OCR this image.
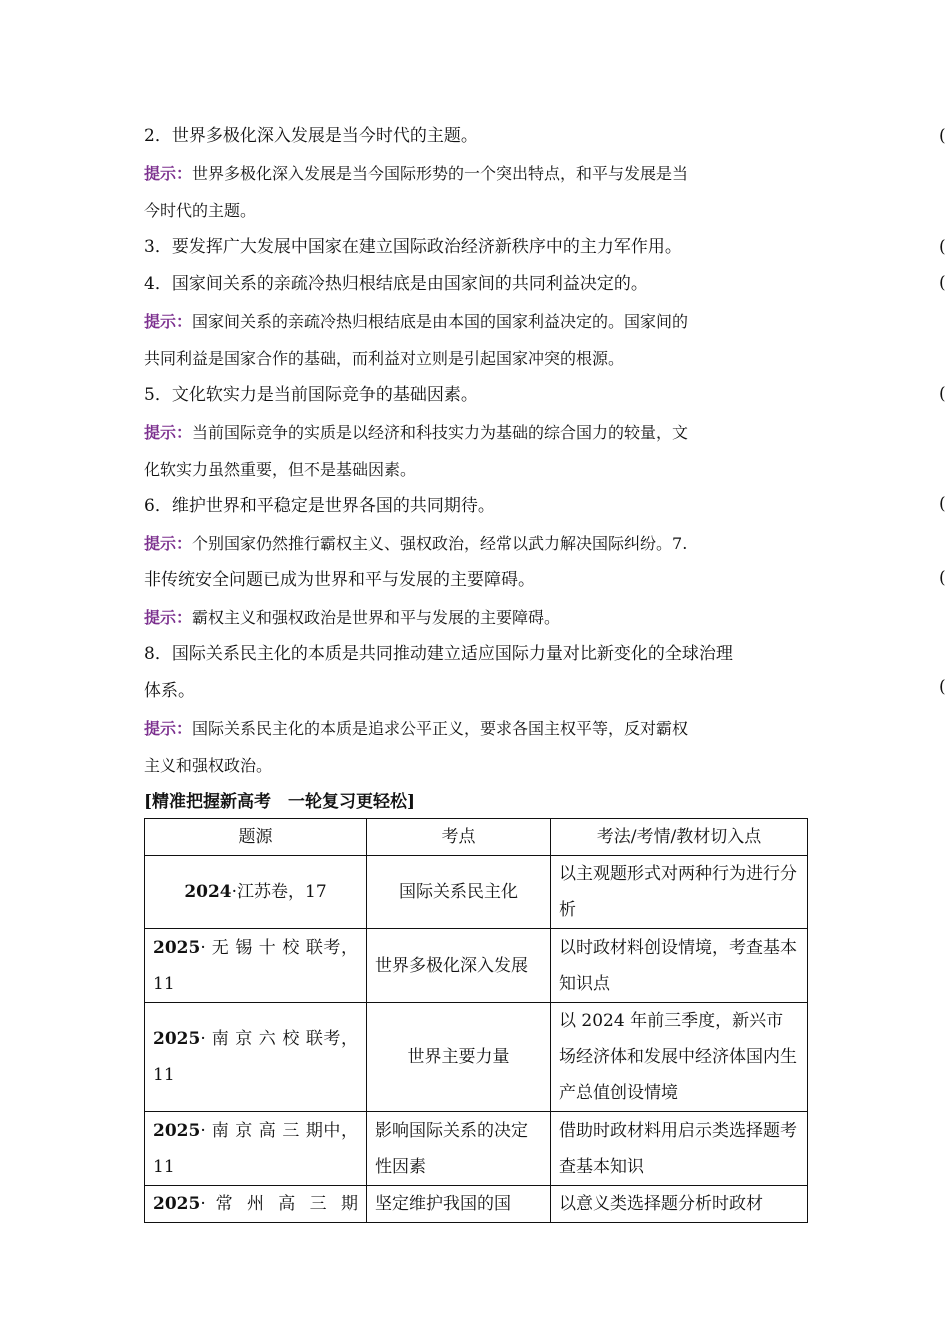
2．世界多极化深入发展是当今时代的主题。
提示：世界多极化深入发展是当今国际形势的一个突出特点，和平与发展是当
今时代的主题。
3．要发挥广大发展中国家在建立国际政治经济新秩序中的主力军作用。
4．国家间关系的亲疏冷热归根结底是由国家间的共同利益决定的。
提示：国家间关系的亲疏冷热归根结底是由本国的国家利益决定的。国家间的
共同利益是国家合作的基础，而利益对立则是引起国家冲突的根源。
5．文化软实力是当前国际竞争的基础因素。
提示：当前国际竞争的实质是以经济和科技实力为基础的综合国力的较量，文
化软实力虽然重要，但不是基础因素。
6．维护世界和平稳定是世界各国的共同期待。
提示：个别国家仍然推行霸权主义、强权政治，经常以武力解决国际纠纷。7.
非传统安全问题已成为世界和平与发展的主要障碍。
提示：霸权主义和强权政治是世界和平与发展的主要障碍。
8．国际关系民主化的本质是共同推动建立适应国际力量对比新变化的全球治理
体系。
提示：国际关系民主化的本质是追求公平正义，要求各国主权平等，反对霸权
主义和强权政治。
[精准把握新高考　一轮复习更轻松]
(
(
(
(
(
(
(
题源	考点	考法/考情/教材切入点
2024·江苏卷，17	国际关系民主化	以主观题形式对两种行为进行分析
2025· 无 锡 十 校 联考，11	世界多极化深入发展	以时政材料创设情境，考查基本知识点
2025· 南 京 六 校 联考，11	世界主要力量	以 2024 年前三季度，新兴市场经济体和发展中经济体国内生产总值创设情境
2025· 南 京 高 三 期中，11	影响国际关系的决定性因素	借助时政材料用启示类选择题考查基本知识
2025· 常 州 高 三 期	坚定维护我国的国	以意义类选择题分析时政材
